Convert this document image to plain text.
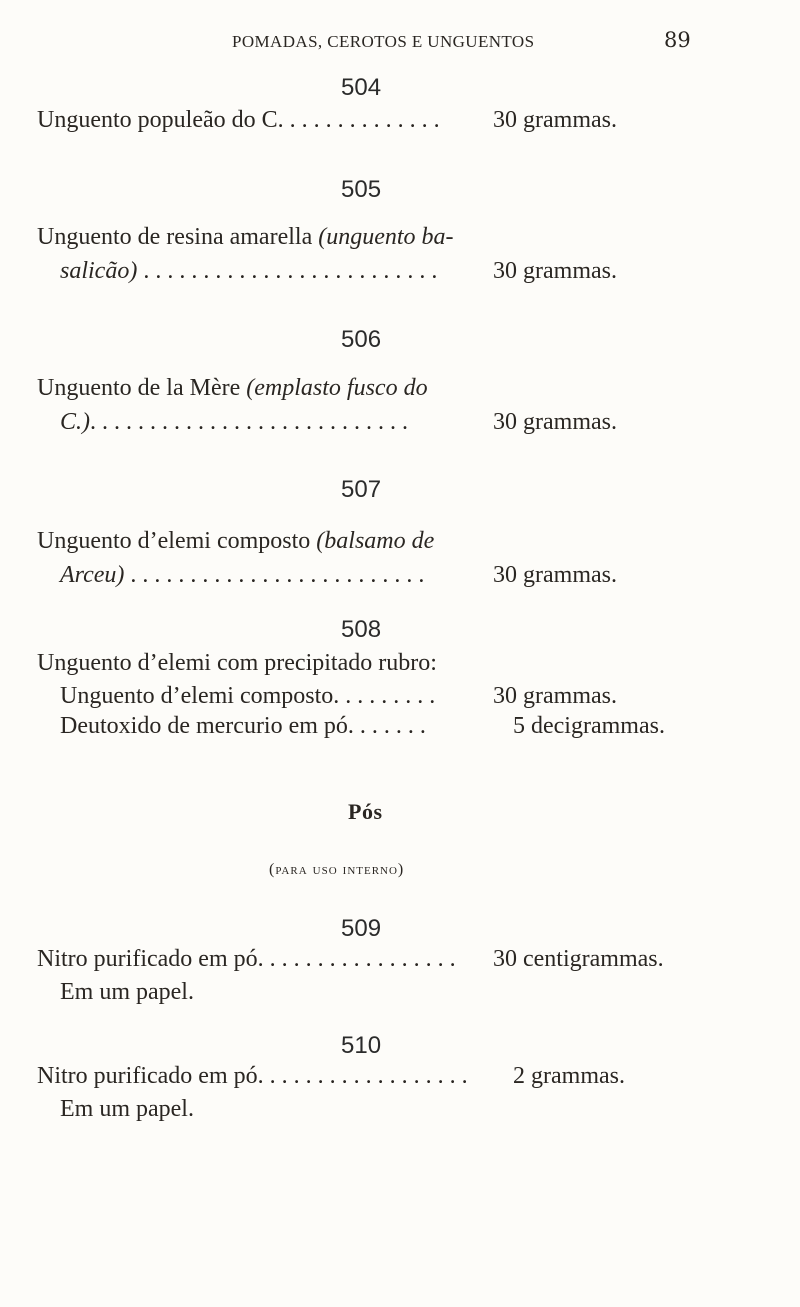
POMADAS, CEROTOS E UNGUENTOS	89
504
Unguento populeão do C. . . . . . . . . . . . . . 30 grammas.
505
Unguento de resina amarella (unguento ba-
salicão) . . . . . . . . . . . . . . . . . . . . . . . . . 30 grammas.
506
Unguento de la Mère (emplasto fusco do
C.). . . . . . . . . . . . . . . . . . . . . . . . . . .	30 grammas.
507
Unguento d’elemi composto (balsamo de
Arceu) . . . . . . . . . . . . . . . . . . . . . . . . .	30 grammas.
508
Unguento d’elemi com precipitado rubro:
Unguento d’elemi composto. . . . . . . . . 30 grammas.
Deutoxido de mercurio em pó. . . . . . .	5 decigrammas.
Pós
(para uso interno)
509
Nitro purificado em pó. . . . . . . . . . . . . . . . . 30 centigrammas.
Em um papel.
510
Nitro purificado em pó. . . . . . . . . . . . . . . . . . 2 grammas.
Em um papel.
